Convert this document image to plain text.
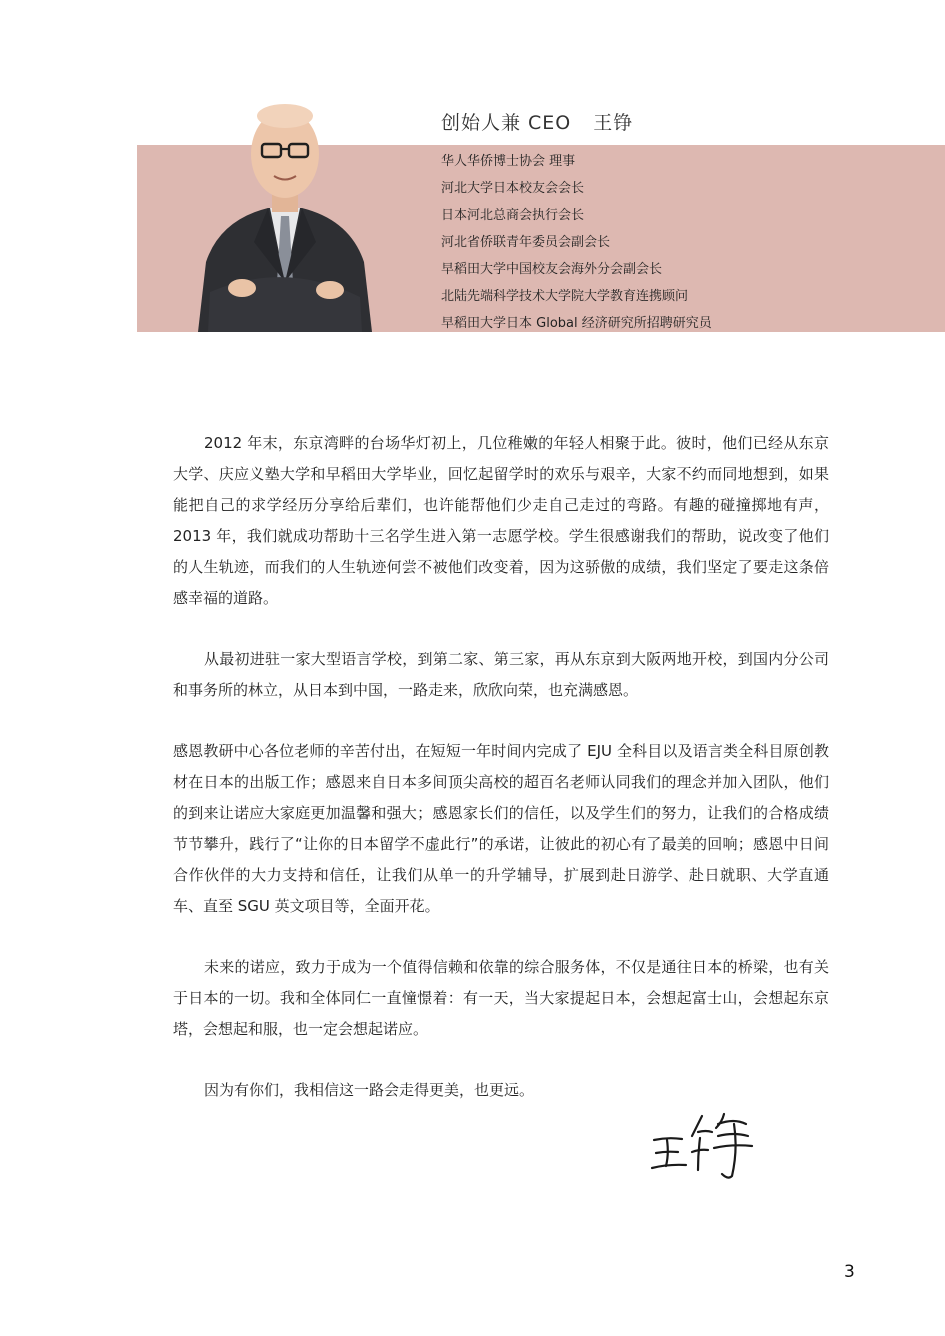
创始人兼 CEO 王铮
华人华侨博士协会 理事
河北大学日本校友会会长
日本河北总商会执行会长
河北省侨联青年委员会副会长
早稻田大学中国校友会海外分会副会长
北陆先端科学技术大学院大学教育连携顾问
早稻田大学日本 Global 经济研究所招聘研究员

2012 年末，东京湾畔的台场华灯初上，几位稚嫩的年轻人相聚于此。彼时，他们已经从东京大学、庆应义塾大学和早稻田大学毕业，回忆起留学时的欢乐与艰辛，大家不约而同地想到，如果能把自己的求学经历分享给后辈们，也许能帮他们少走自己走过的弯路。有趣的碰撞掷地有声，2013 年，我们就成功帮助十三名学生进入第一志愿学校。学生很感谢我们的帮助，说改变了他们的人生轨迹，而我们的人生轨迹何尝不被他们改变着，因为这骄傲的成绩，我们坚定了要走这条倍感幸福的道路。

从最初进驻一家大型语言学校，到第二家、第三家，再从东京到大阪两地开校，到国内分公司和事务所的林立，从日本到中国，一路走来，欣欣向荣，也充满感恩。

感恩教研中心各位老师的辛苦付出，在短短一年时间内完成了 EJU 全科目以及语言类全科目原创教材在日本的出版工作；感恩来自日本多间顶尖高校的超百名老师认同我们的理念并加入团队，他们的到来让诺应大家庭更加温馨和强大；感恩家长们的信任，以及学生们的努力，让我们的合格成绩节节攀升，践行了“让你的日本留学不虚此行”的承诺，让彼此的初心有了最美的回响；感恩中日间合作伙伴的大力支持和信任，让我们从单一的升学辅导，扩展到赴日游学、赴日就职、大学直通车、直至 SGU 英文项目等，全面开花。

未来的诺应，致力于成为一个值得信赖和依靠的综合服务体，不仅是通往日本的桥梁，也有关于日本的一切。我和全体同仁一直憧憬着：有一天，当大家提起日本，会想起富士山，会想起东京塔，会想起和服，也一定会想起诺应。

因为有你们，我相信这一路会走得更美，也更远。

3
